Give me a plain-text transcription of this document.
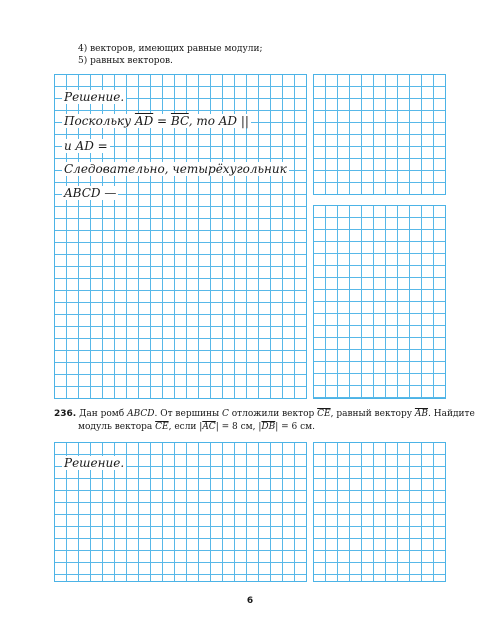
4) векторов, имеющих равные модули;
5) равных векторов.
Решение.
Поскольку $\overline{AD} = \overline{BC}$, то AD ||
и AD =
Следовательно, четырёхугольник
ABCD —
236. Дан ромб ABCD. От вершины C отложили вектор $\overline{CE}$, равный вектору $\overline{AB}$. Найдите
модуль вектора $\overline{CE}$, если $|\overline{AC}| = 8$ см, $|\overline{DB}| = 6$ см.
Решение.
6
